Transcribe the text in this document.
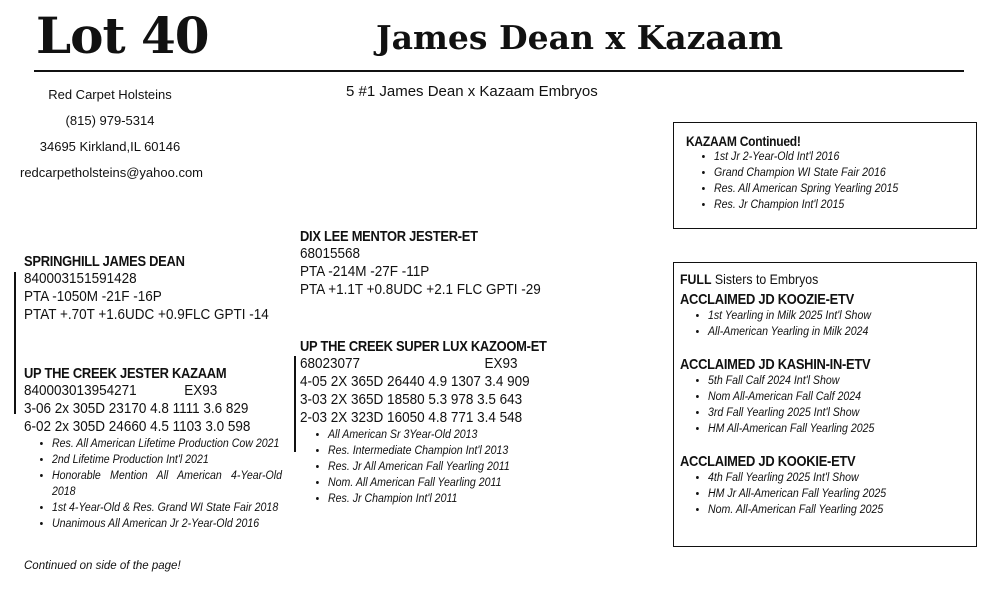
Lot 40	James Dean x Kazaam
Red Carpet Holsteins
(815) 979-5314
34695 Kirkland,IL 60146
redcarpetholsteins@yahoo.com
5 #1 James Dean x Kazaam Embryos
SPRINGHILL JAMES DEAN
840003151591428
PTA -1050M -21F -16P
PTAT +.70T +1.6UDC +0.9FLC GPTI -14
UP THE CREEK JESTER KAZAAM
840003013954271	EX93
3-06 2x 305D 23170 4.8 1111 3.6 829
6-02 2x 305D 24660 4.5 1103 3.0 598
• Res. All American Lifetime Production Cow 2021
• 2nd Lifetime Production Int'l 2021
• Honorable Mention All American 4-Year-Old 2018
• 1st 4-Year-Old & Res. Grand WI State Fair 2018
• Unanimous All American Jr 2-Year-Old 2016
DIX LEE MENTOR JESTER-ET
68015568
PTA -214M -27F -11P
PTA +1.1T +0.8UDC +2.1 FLC GPTI -29
UP THE CREEK SUPER LUX KAZOOM-ET
68023077	EX93
4-05 2X 365D 26440 4.9 1307 3.4 909
3-03 2X 365D 18580 5.3 978 3.5 643
2-03 2X 323D 16050 4.8 771 3.4 548
• All American Sr 3Year-Old 2013
• Res. Intermediate Champion Int'l 2013
• Res. Jr All American Fall Yearling 2011
• Nom. All American Fall Yearling 2011
• Res. Jr Champion Int'l 2011
KAZAAM Continued!
• 1st Jr 2-Year-Old Int'l 2016
• Grand Champion WI State Fair 2016
• Res. All American Spring Yearling 2015
• Res. Jr Champion Int'l 2015
FULL Sisters to Embryos
ACCLAIMED JD KOOZIE-ETV
• 1st Yearling in Milk 2025 Int'l Show
• All-American Yearling in Milk 2024
ACCLAIMED JD KASHIN-IN-ETV
• 5th Fall Calf 2024 Int'l Show
• Nom All-American Fall Calf 2024
• 3rd Fall Yearling 2025 Int'l Show
• HM All-American Fall Yearling 2025
ACCLAIMED JD KOOKIE-ETV
• 4th Fall Yearling 2025 Int'l Show
• HM Jr All-American Fall Yearling 2025
• Nom. All-American Fall Yearling 2025
Continued on side of the page!
